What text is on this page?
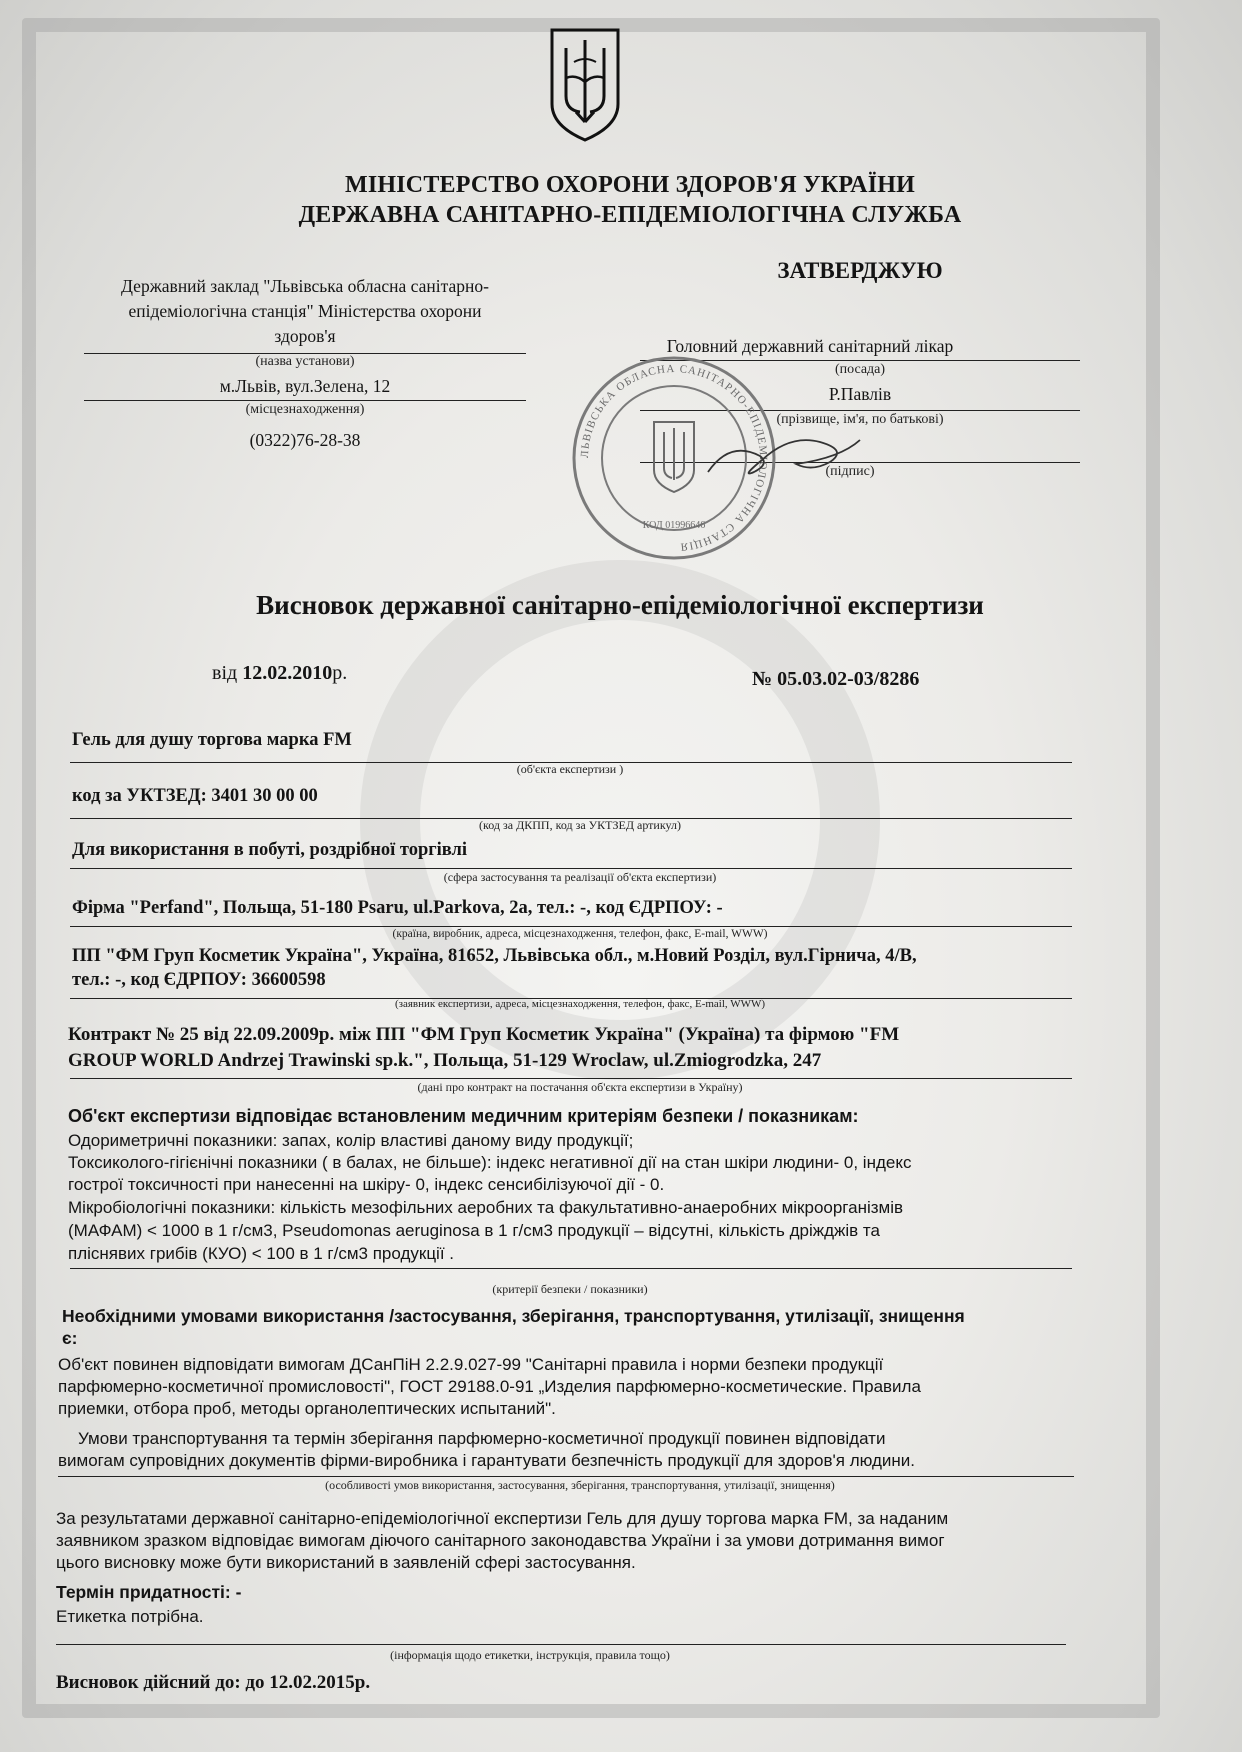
МІНІСТЕРСТВО ОХОРОНИ ЗДОРОВ'Я УКРАЇНИ
ДЕРЖАВНА САНІТАРНО-ЕПІДЕМІОЛОГІЧНА СЛУЖБА
Державний заклад "Львівська обласна санітарно-
епідеміологічна станція" Міністерства охорони
здоров'я
(назва установи)
м.Львів, вул.Зелена, 12
(місцезнаходження)
(0322)76-28-38
ЗАТВЕРДЖУЮ
Головний державний санітарний лікар
(посада)
Р.Павлів
(прізвище, ім'я, по батькові)
(підпис)
ЛЬВІВСЬКА ОБЛАСНА САНІТАРНО-ЕПІДЕМІОЛОГІЧНА СТАНЦІЯ
КОД 01996646
Висновок державної санітарно-епідеміологічної експертизи
від 12.02.2010р.	№ 05.03.02-03/8286
Гель для душу торгова марка FM
(об'єкта експертизи )
код за УКТЗЕД: 3401 30 00 00
(код за ДКПП, код за УКТЗЕД артикул)
Для використання в побуті, роздрібної торгівлі
(сфера застосування та реалізації об'єкта експертизи)
Фірма "Perfand", Польща, 51-180 Psaru, ul.Parkova, 2a, тел.: -, код ЄДРПОУ: -
(країна, виробник, адреса, місцезнаходження, телефон, факс, E-mail, WWW)
ПП "ФМ Груп Косметик Україна", Україна, 81652, Львівська обл., м.Новий Розділ, вул.Гірнича, 4/В,
тел.: -, код ЄДРПОУ: 36600598
(заявник експертизи, адреса, місцезнаходження, телефон, факс, E-mail, WWW)
Контракт № 25 від 22.09.2009р. між ПП "ФМ Груп Косметик Україна" (Україна) та фірмою "FM
GROUP WORLD Andrzej Trawinski sp.k.", Польща, 51-129 Wroclaw, ul.Zmiogrodzka, 247
(дані про контракт на постачання об'єкта експертизи в Україну)
Об'єкт експертизи відповідає встановленим медичним критеріям безпеки / показникам:
Одориметричні показники: запах, колір властиві даному виду продукції;
Токсиколого-гігієнічні показники ( в балах, не більше): індекс негативної дії на стан шкіри людини- 0, індекс
гострої токсичності при нанесенні на шкіру- 0, індекс сенсибілізуючої дії - 0.
Мікробіологічні показники: кількість мезофільних аеробних та факультативно-анаеробних мікроорганізмів
(МАФАМ) < 1000 в 1 г/см3, Pseudomonas aeruginosa в 1 г/см3 продукції – відсутні, кількість дріжджів та
пліснявих грибів (КУО) < 100 в 1 г/см3 продукції .
(критерії безпеки / показники)
Необхідними умовами використання /застосування, зберігання, транспортування, утилізації, знищення
є:
Об'єкт повинен відповідати вимогам ДСанПіН 2.2.9.027-99 "Санітарні правила і норми безпеки продукції
парфюмерно-косметичної промисловості", ГОСТ 29188.0-91 „Изделия парфюмерно-косметические. Правила
приемки, отбора проб, методы органолептических испытаний".
Умови транспортування та термін зберігання парфюмерно-косметичної продукції повинен відповідати
вимогам супровідних документів фірми-виробника і гарантувати безпечність продукції для здоров'я людини.
(особливості умов використання, застосування, зберігання, транспортування, утилізації, знищення)
За результатами державної санітарно-епідеміологічної експертизи Гель для душу торгова марка FM, за наданим
заявником зразком відповідає вимогам діючого санітарного законодавства України і за умови дотримання вимог
цього висновку може бути використаний в заявленій сфері застосування.
Термін придатності: -
Етикетка потрібна.
(інформація щодо етикетки, інструкція, правила тощо)
Висновок дійсний до: до 12.02.2015р.
